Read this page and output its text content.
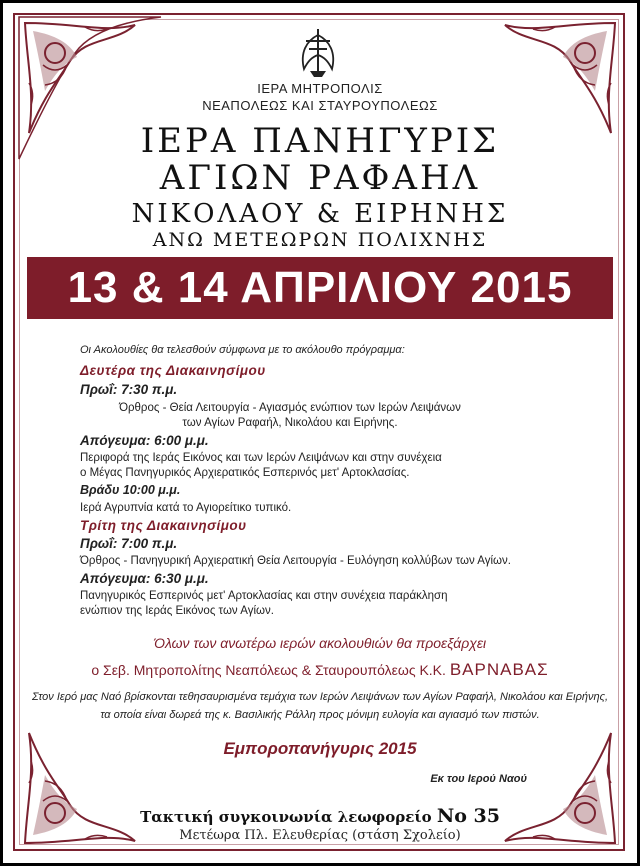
ΙΕΡΑ ΜΗΤΡΟΠΟΛΙΣ
ΝΕΑΠΟΛΕΩΣ ΚΑΙ ΣΤΑΥΡΟΥΠΟΛΕΩΣ
ΙΕΡΑ ΠΑΝΗΓΥΡΙΣ
ΑΓΙΩΝ ΡΑΦΑΗΛ
ΝΙΚΟΛΑΟΥ & ΕΙΡΗΝΗΣ
ΑΝΩ ΜΕΤΕΩΡΩΝ ΠΟΛΙΧΝΗΣ
13 & 14 ΑΠΡΙΛΙΟΥ 2015
Οι Ακολουθίες θα τελεσθούν σύμφωνα με το ακόλουθο πρόγραμμα:
Δευτέρα της Διακαινησίμου
Πρωΐ: 7:30 π.μ.
Όρθρος - Θεία Λειτουργία - Αγιασμός ενώπιον των Ιερών Λειψάνων
των Αγίων Ραφαήλ, Νικολάου και Ειρήνης.
Απόγευμα: 6:00 μ.μ.
Περιφορά της Ιεράς Εικόνος και των Ιερών Λειψάνων και στην συνέχεια
ο Μέγας Πανηγυρικός Αρχιερατικός Εσπερινός μετ' Αρτοκλασίας.
Βράδυ 10:00 μ.μ.
Ιερά Αγρυπνία κατά το Αγιορείτικο τυπικό.
Τρίτη της Διακαινησίμου
Πρωΐ: 7:00 π.μ.
Όρθρος - Πανηγυρική Αρχιερατική Θεία Λειτουργία - Ευλόγηση κολλύβων των Αγίων.
Απόγευμα: 6:30 μ.μ.
Πανηγυρικός Εσπερινός μετ' Αρτοκλασίας και στην συνέχεια παράκληση
ενώπιον της Ιεράς Εικόνος των Αγίων.
Όλων των ανωτέρω ιερών ακολουθιών θα προεξάρχει
ο Σεβ. Μητροπολίτης Νεαπόλεως & Σταυρουπόλεως Κ.Κ. ΒΑΡΝΑΒΑΣ
Στον Ιερό μας Ναό βρίσκονται τεθησαυρισμένα τεμάχια των Ιερών Λειψάνων των Αγίων Ραφαήλ, Νικολάου και Ειρήνης,
τα οποία είναι δωρεά της κ. Βασιλικής Ράλλη προς μόνιμη ευλογία και αγιασμό των πιστών.
Εμποροπανήγυρις 2015
Εκ του Ιερού Ναού
Τακτική συγκοινωνία λεωφορείο Νο 35
Μετέωρα Πλ. Ελευθερίας (στάση Σχολείο)
